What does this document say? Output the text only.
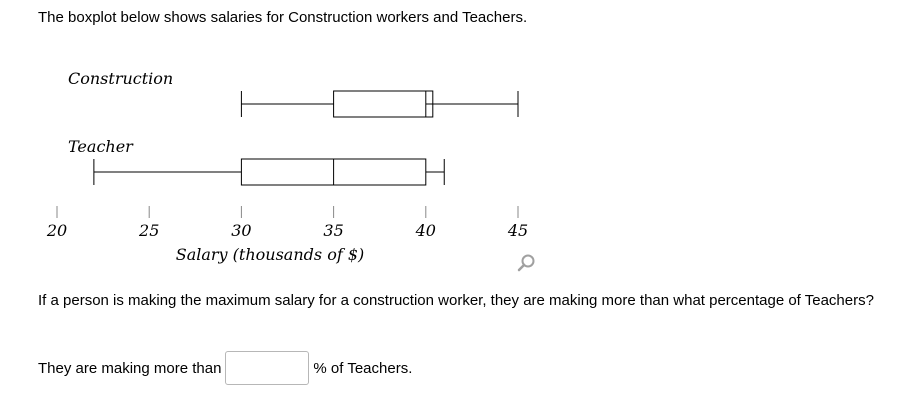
The boxplot below shows salaries for Construction workers and Teachers.

20	25	30	35	40	45
Construction
Teacher
Salary (thousands of $)

If a person is making the maximum salary for a construction worker, they are making more than what percentage of Teachers?

They are making more than	% of Teachers.
